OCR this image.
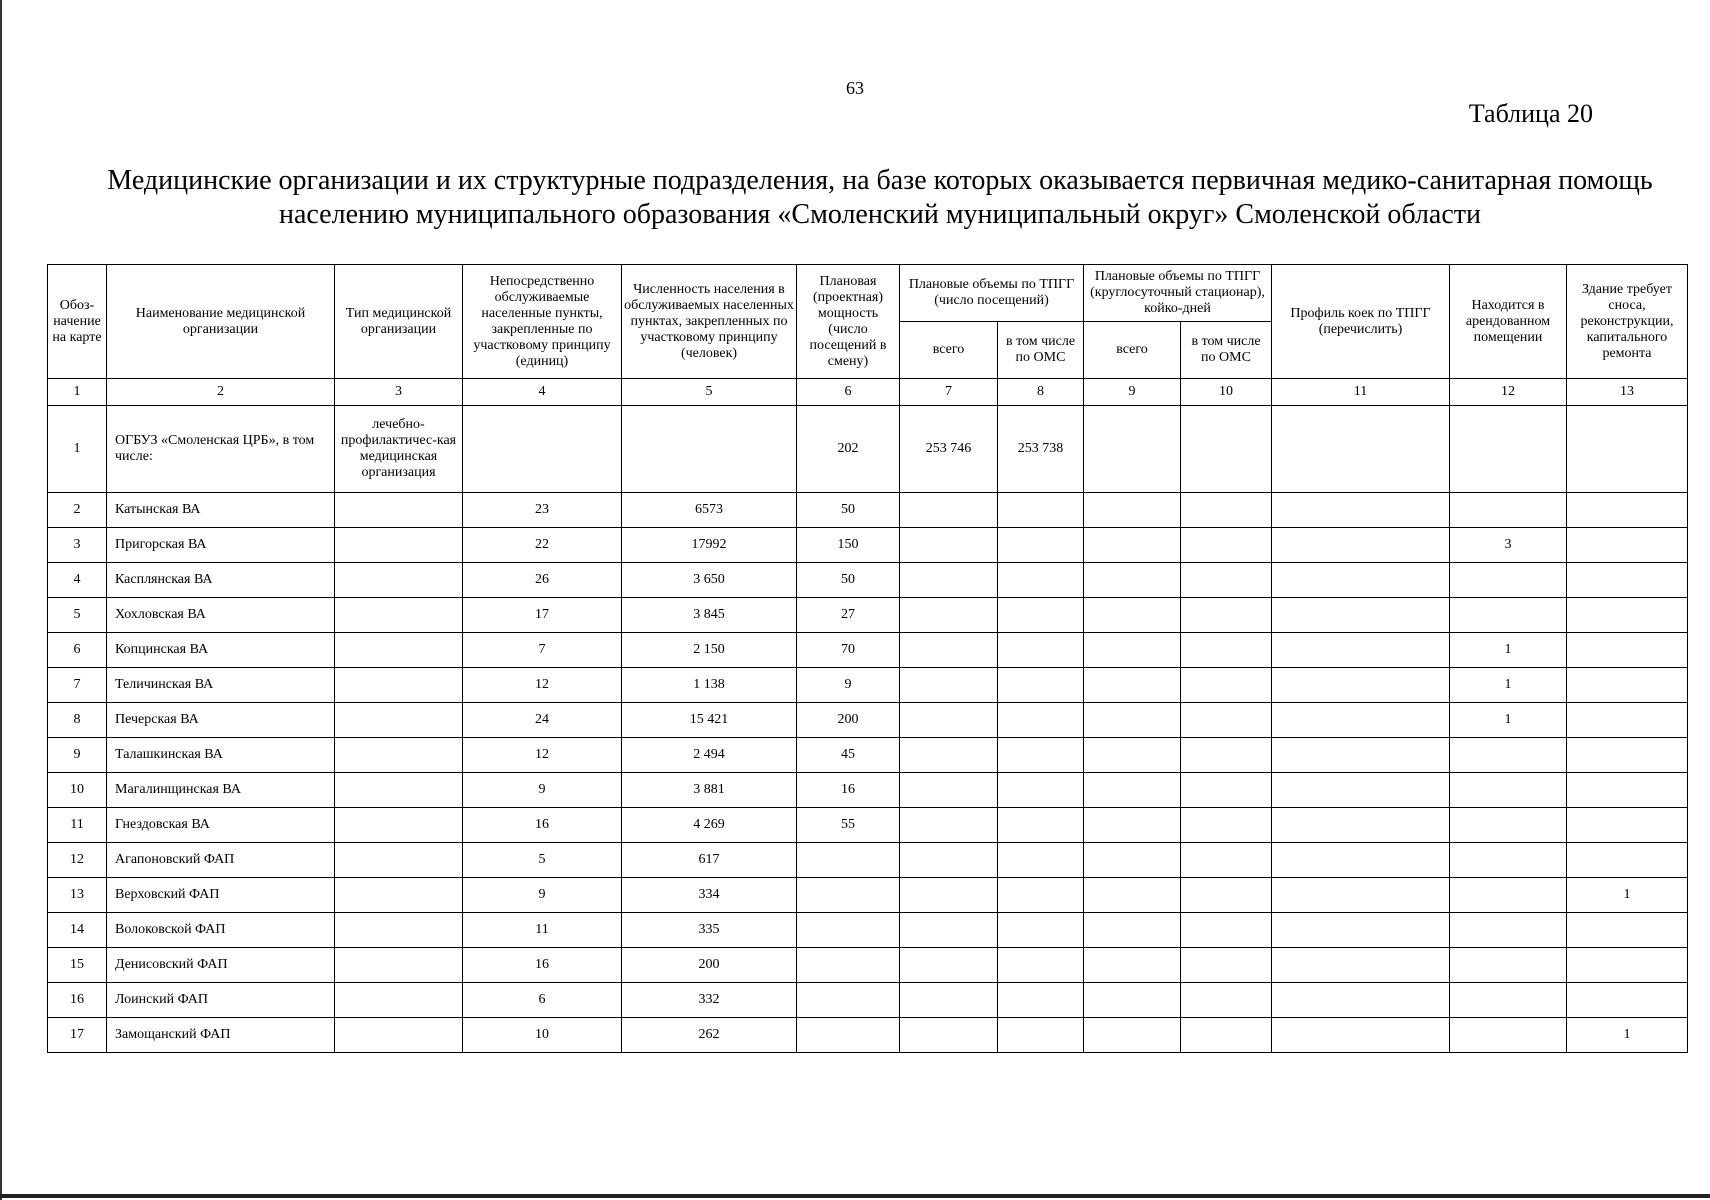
63
Таблица 20
Медицинские организации и их структурные подразделения, на базе которых оказывается первичная медико-санитарная помощь
населению муниципального образования «Смоленский муниципальный округ» Смоленской области
Обоз-начение на карте	Наименование медицинской организации	Тип медицинской организации	Непосредственно обслуживаемые населенные пункты, закрепленные по участковому принципу (единиц)	Численность населения в обслуживаемых населенных пунктах, закрепленных по участковому принципу (человек)	Плановая (проектная) мощность (число посещений в смену)	Плановые объемы по ТПГГ (число посещений)		Плановые объемы по ТПГГ (круглосуточный стационар), койко-дней		Профиль коек по ТПГГ (перечислить)	Находится в арендованном помещении	Здание требует сноса, реконструкции, капитального ремонта
						всего	в том числе по ОМС	всего	в том числе по ОМС			
1	2	3	4	5	6	7	8	9	10	11	12	13
1	ОГБУЗ «Смоленская ЦРБ», в том числе:	лечебно-профилактичес-кая медицинская организация			202	253 746	253 738					
2	Катынская ВА		23	6573	50							
3	Пригорская ВА		22	17992	150						3	
4	Касплянская ВА		26	3 650	50							
5	Хохловская ВА		17	3 845	27							
6	Копцинская ВА		7	2 150	70						1	
7	Теличинская ВА		12	1 138	9						1	
8	Печерская ВА		24	15 421	200						1	
9	Талашкинская ВА		12	2 494	45							
10	Магалинщинская ВА		9	3 881	16							
11	Гнездовская ВА		16	4 269	55							
12	Агапоновский ФАП		5	617								
13	Верховский ФАП		9	334								1
14	Волоковской ФАП		11	335								
15	Денисовский ФАП		16	200								
16	Лоинский ФАП		6	332								
17	Замощанский ФАП		10	262								1
